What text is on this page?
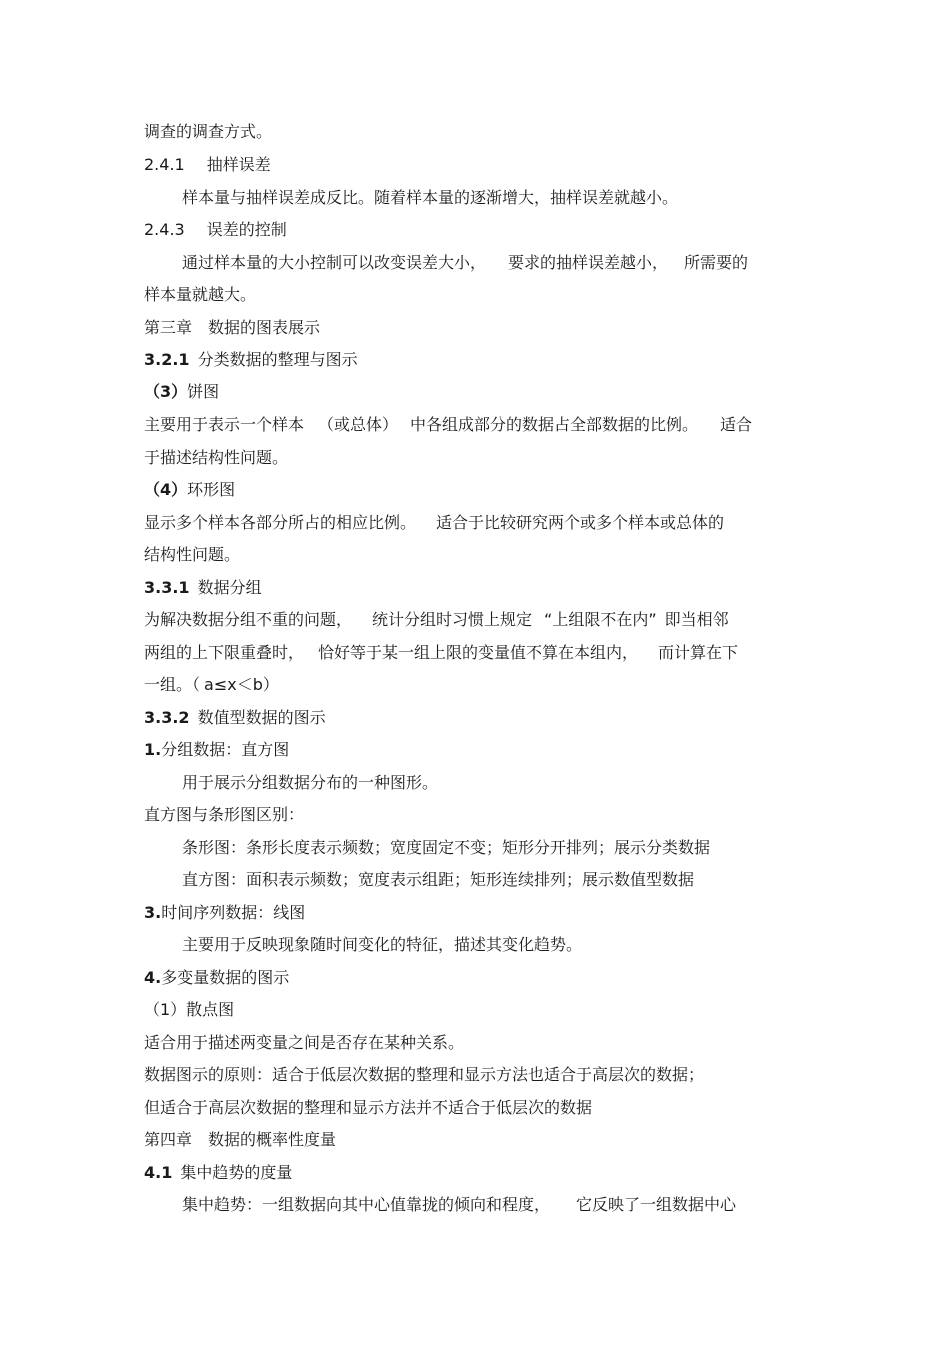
调查的调查方式。
2.4.1 抽样误差
样本量与抽样误差成反比。随着样本量的逐渐增大，抽样误差就越小。
2.4.3 误差的控制
通过样本量的大小控制可以改变误差大小， 要求的抽样误差越小， 所需要的
样本量就越大。
第三章 数据的图表展示
3.2.1 分类数据的整理与图示
（3）饼图
主要用于表示一个样本 （或总体） 中各组成部分的数据占全部数据的比例。 适合
于描述结构性问题。
（4）环形图
显示多个样本各部分所占的相应比例。 适合于比较研究两个或多个样本或总体的
结构性问题。
3.3.1 数据分组
为解决数据分组不重的问题， 统计分组时习惯上规定 “上组限不在内” 即当相邻
两组的上下限重叠时， 恰好等于某一组上限的变量值不算在本组内， 而计算在下
一组。（ a≤x＜b）
3.3.2 数值型数据的图示
1.分组数据：直方图
用于展示分组数据分布的一种图形。
直方图与条形图区别：
条形图：条形长度表示频数；宽度固定不变；矩形分开排列；展示分类数据
直方图：面积表示频数；宽度表示组距；矩形连续排列；展示数值型数据
3.时间序列数据：线图
主要用于反映现象随时间变化的特征，描述其变化趋势。
4.多变量数据的图示
（1）散点图
适合用于描述两变量之间是否存在某种关系。
数据图示的原则：适合于低层次数据的整理和显示方法也适合于高层次的数据；
但适合于高层次数据的整理和显示方法并不适合于低层次的数据
第四章 数据的概率性度量
4.1 集中趋势的度量
集中趋势：一组数据向其中心值靠拢的倾向和程度， 它反映了一组数据中心
